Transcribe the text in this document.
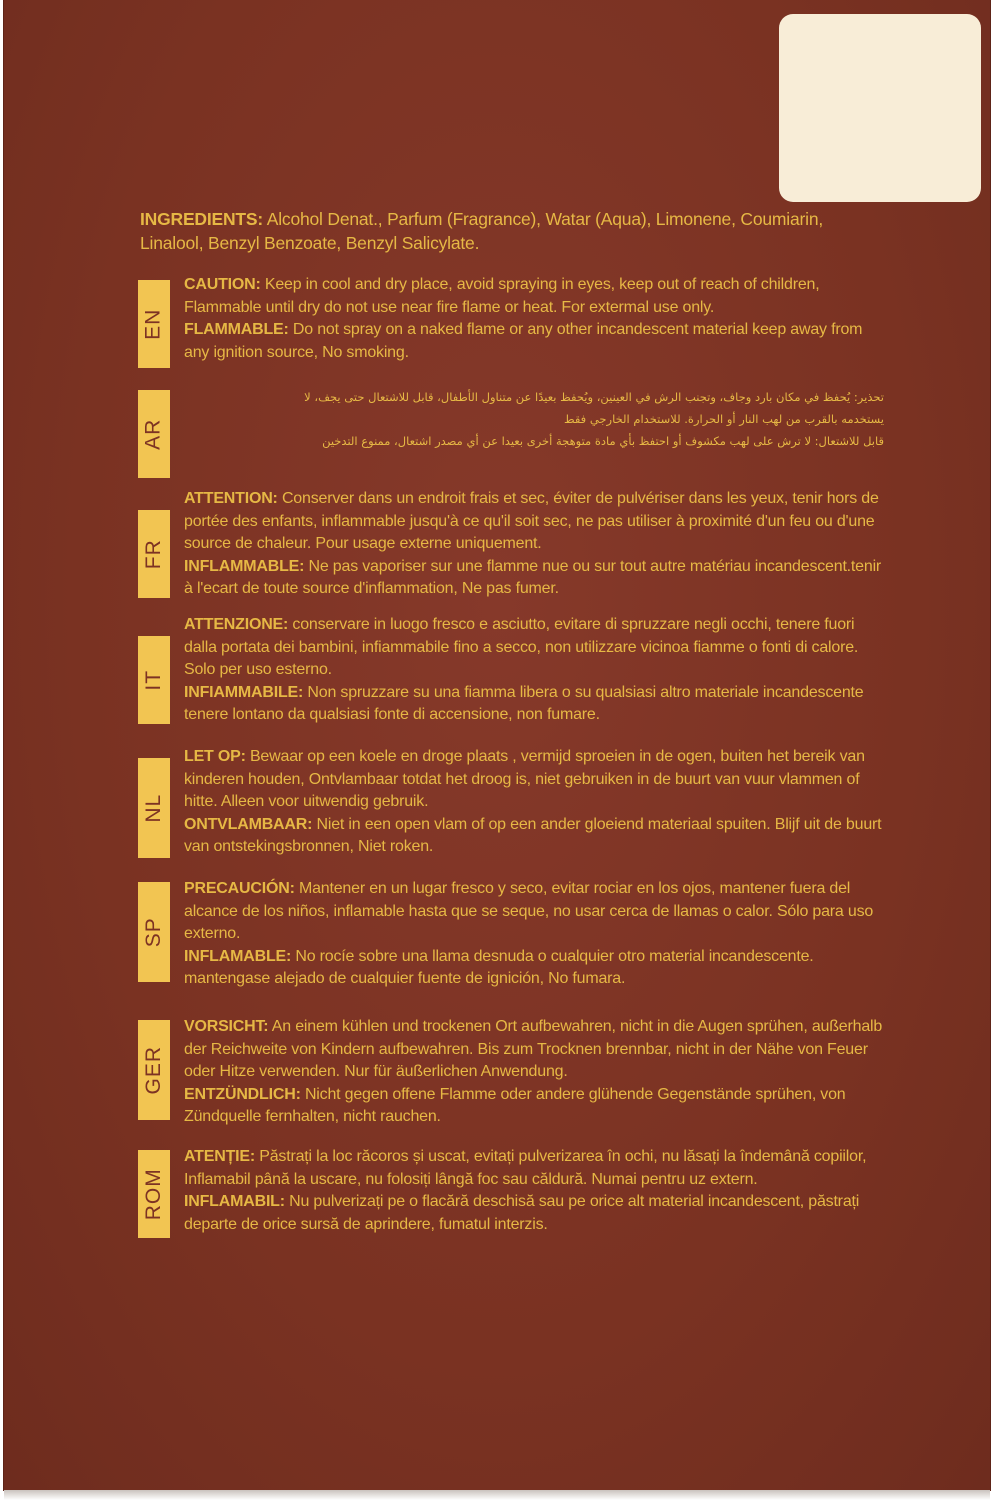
INGREDIENTS: Alcohol Denat., Parfum (Fragrance), Watar (Aqua), Limonene, Coumiarin, Linalool, Benzyl Benzoate, Benzyl Salicylate.
EN
CAUTION: Keep in cool and dry place, avoid spraying in eyes, keep out of reach of children, Flammable until dry do not use near fire flame or heat. For extermal use only.
FLAMMABLE: Do not spray on a naked flame or any other incandescent material keep away from any ignition source, No smoking.
AR

تحذير: يُحفظ في مكان بارد وجاف، وتجنب الرش في العينين، ويُحفظ بعيدًا عن متناول الأطفال، قابل للاشتعال حتى يجف، لا

يستخدمه بالقرب من لهب النار أو الحرارة. للاستخدام الخارجي فقط

قابل للاشتعال: لا ترش على لهب مكشوف أو احتفظ بأي مادة متوهجة أخرى بعيدا عن أي مصدر اشتعال، ممنوع التدخين

FR
ATTENTION: Conserver dans un endroit frais et sec, éviter de pulvériser dans les yeux, tenir hors de portée des enfants, inflammable jusqu'à ce qu'il soit sec, ne pas utiliser à proximité d'un feu ou d'une source de chaleur. Pour usage externe uniquement.
INFLAMMABLE: Ne pas vaporiser sur une flamme nue ou sur tout autre matériau incandescent.tenir à l'ecart de toute source d'inflammation, Ne pas fumer.
IT
ATTENZIONE: conservare in luogo fresco e asciutto, evitare di spruzzare negli occhi, tenere fuori dalla portata dei bambini, infiammabile fino a secco, non utilizzare vicinoa fiamme o fonti di calore. Solo per uso esterno.
INFIAMMABILE: Non spruzzare su una fiamma libera o su qualsiasi altro materiale incandescente tenere lontano da qualsiasi fonte di accensione, non fumare.
NL
LET OP: Bewaar op een koele en droge plaats , vermijd sproeien in de ogen, buiten het bereik van kinderen houden, Ontvlambaar totdat het droog is, niet gebruiken in de buurt van vuur vlammen of hitte. Alleen voor uitwendig gebruik.
ONTVLAMBAAR: Niet in een open vlam of op een ander gloeiend materiaal spuiten. Blijf uit de buurt van ontstekingsbronnen, Niet roken.
SP
PRECAUCIÓN: Mantener en un lugar fresco y seco, evitar rociar en los ojos, mantener fuera del alcance de los niños, inflamable hasta que se seque, no usar cerca de llamas o calor. Sólo para uso externo.
INFLAMABLE: No rocíe sobre una llama desnuda o cualquier otro material incandescente. mantengase alejado de cualquier fuente de ignición, No fumara.
GER
VORSICHT: An einem kühlen und trockenen Ort aufbewahren, nicht in die Augen sprühen, außerhalb der Reichweite von Kindern aufbewahren. Bis zum Trocknen brennbar, nicht in der Nähe von Feuer oder Hitze verwenden. Nur für äußerlichen Anwendung.
ENTZÜNDLICH: Nicht gegen offene Flamme oder andere glühende Gegenstände sprühen, von Zündquelle fernhalten, nicht rauchen.
ROM
ATENȚIE: Păstrați la loc răcoros și uscat, evitați pulverizarea în ochi, nu lăsați la îndemână copiilor, Inflamabil până la uscare, nu folosiți lângă foc sau căldură. Numai pentru uz extern.
INFLAMABIL: Nu pulverizați pe o flacără deschisă sau pe orice alt material incandescent, păstrați departe de orice sursă de aprindere, fumatul interzis.
